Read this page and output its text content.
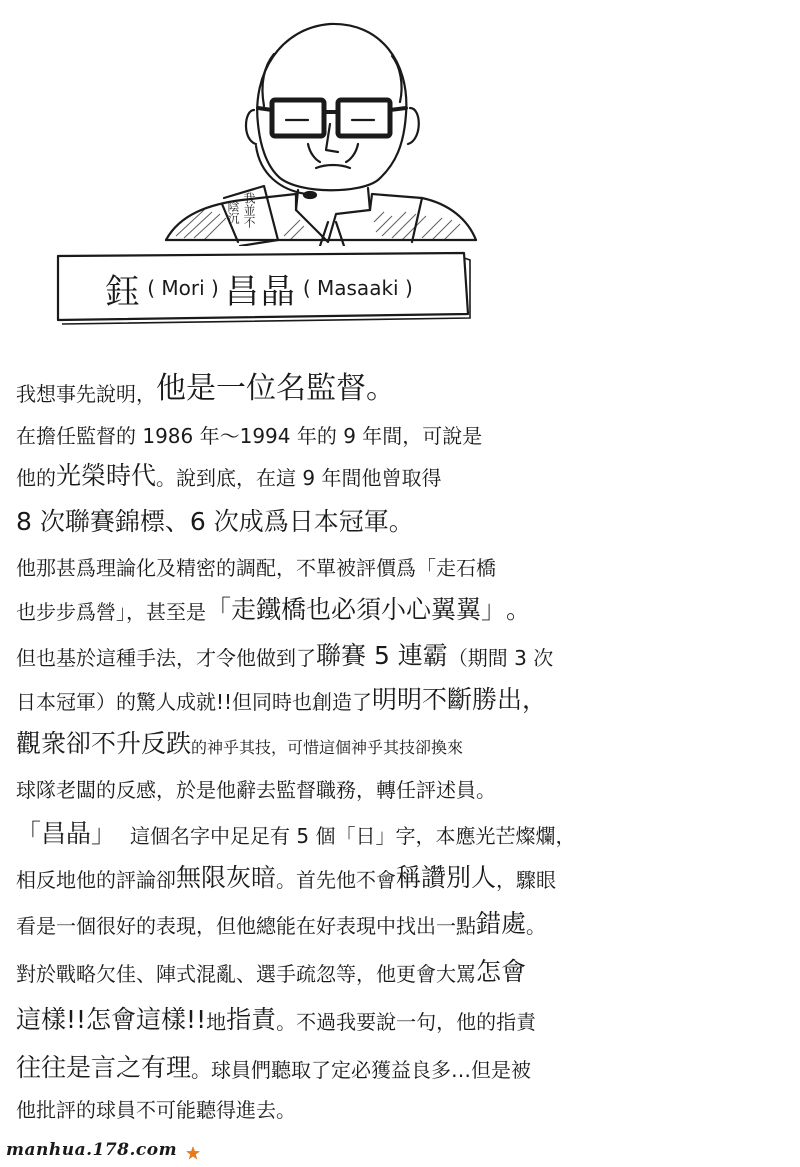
我並不
陰沉
鈺 ( Mori ) 昌晶 ( Masaaki )
我想事先說明， 他是一位名監督 。
在擔任監督的 1986 年～1994 年的 9 年間，可說是
他的 光榮時代 。說到底，在這 9 年間他曾取得
8 次聯賽錦標、6 次成爲日本冠軍 。
他那甚爲理論化及精密的調配，不單被評價爲「走石橋
也步步爲營」，甚至是 「走鐵橋也必須小心翼翼」 。
但也基於這種手法，才令他做到了 聯賽 5 連霸 （期間 3 次
日本冠軍）的驚人成就!!但同時也創造了 明明不斷勝出，
觀衆卻不升反跌 的神乎其技，可惜這個神乎其技卻換來
球隊老闆的反感，於是他辭去監督職務，轉任評述員。
「昌晶」 這個名字中足足有 5 個「日」字，本應光芒燦爛，
相反地他的評論卻 無限灰暗 。首先他不會 稱讚別人 ，驟眼
看是一個很好的表現，但他總能在好表現中找出一點 錯處 。
對於戰略欠佳、陣式混亂、選手疏忽等，他更會大罵 怎會
這樣!!怎會這樣!! 地 指責 。不過我要說一句，他的指責
往往是言之有理 。球員們聽取了定必獲益良多…但是被
他批評的球員不可能聽得進去。
manhua.178.com
